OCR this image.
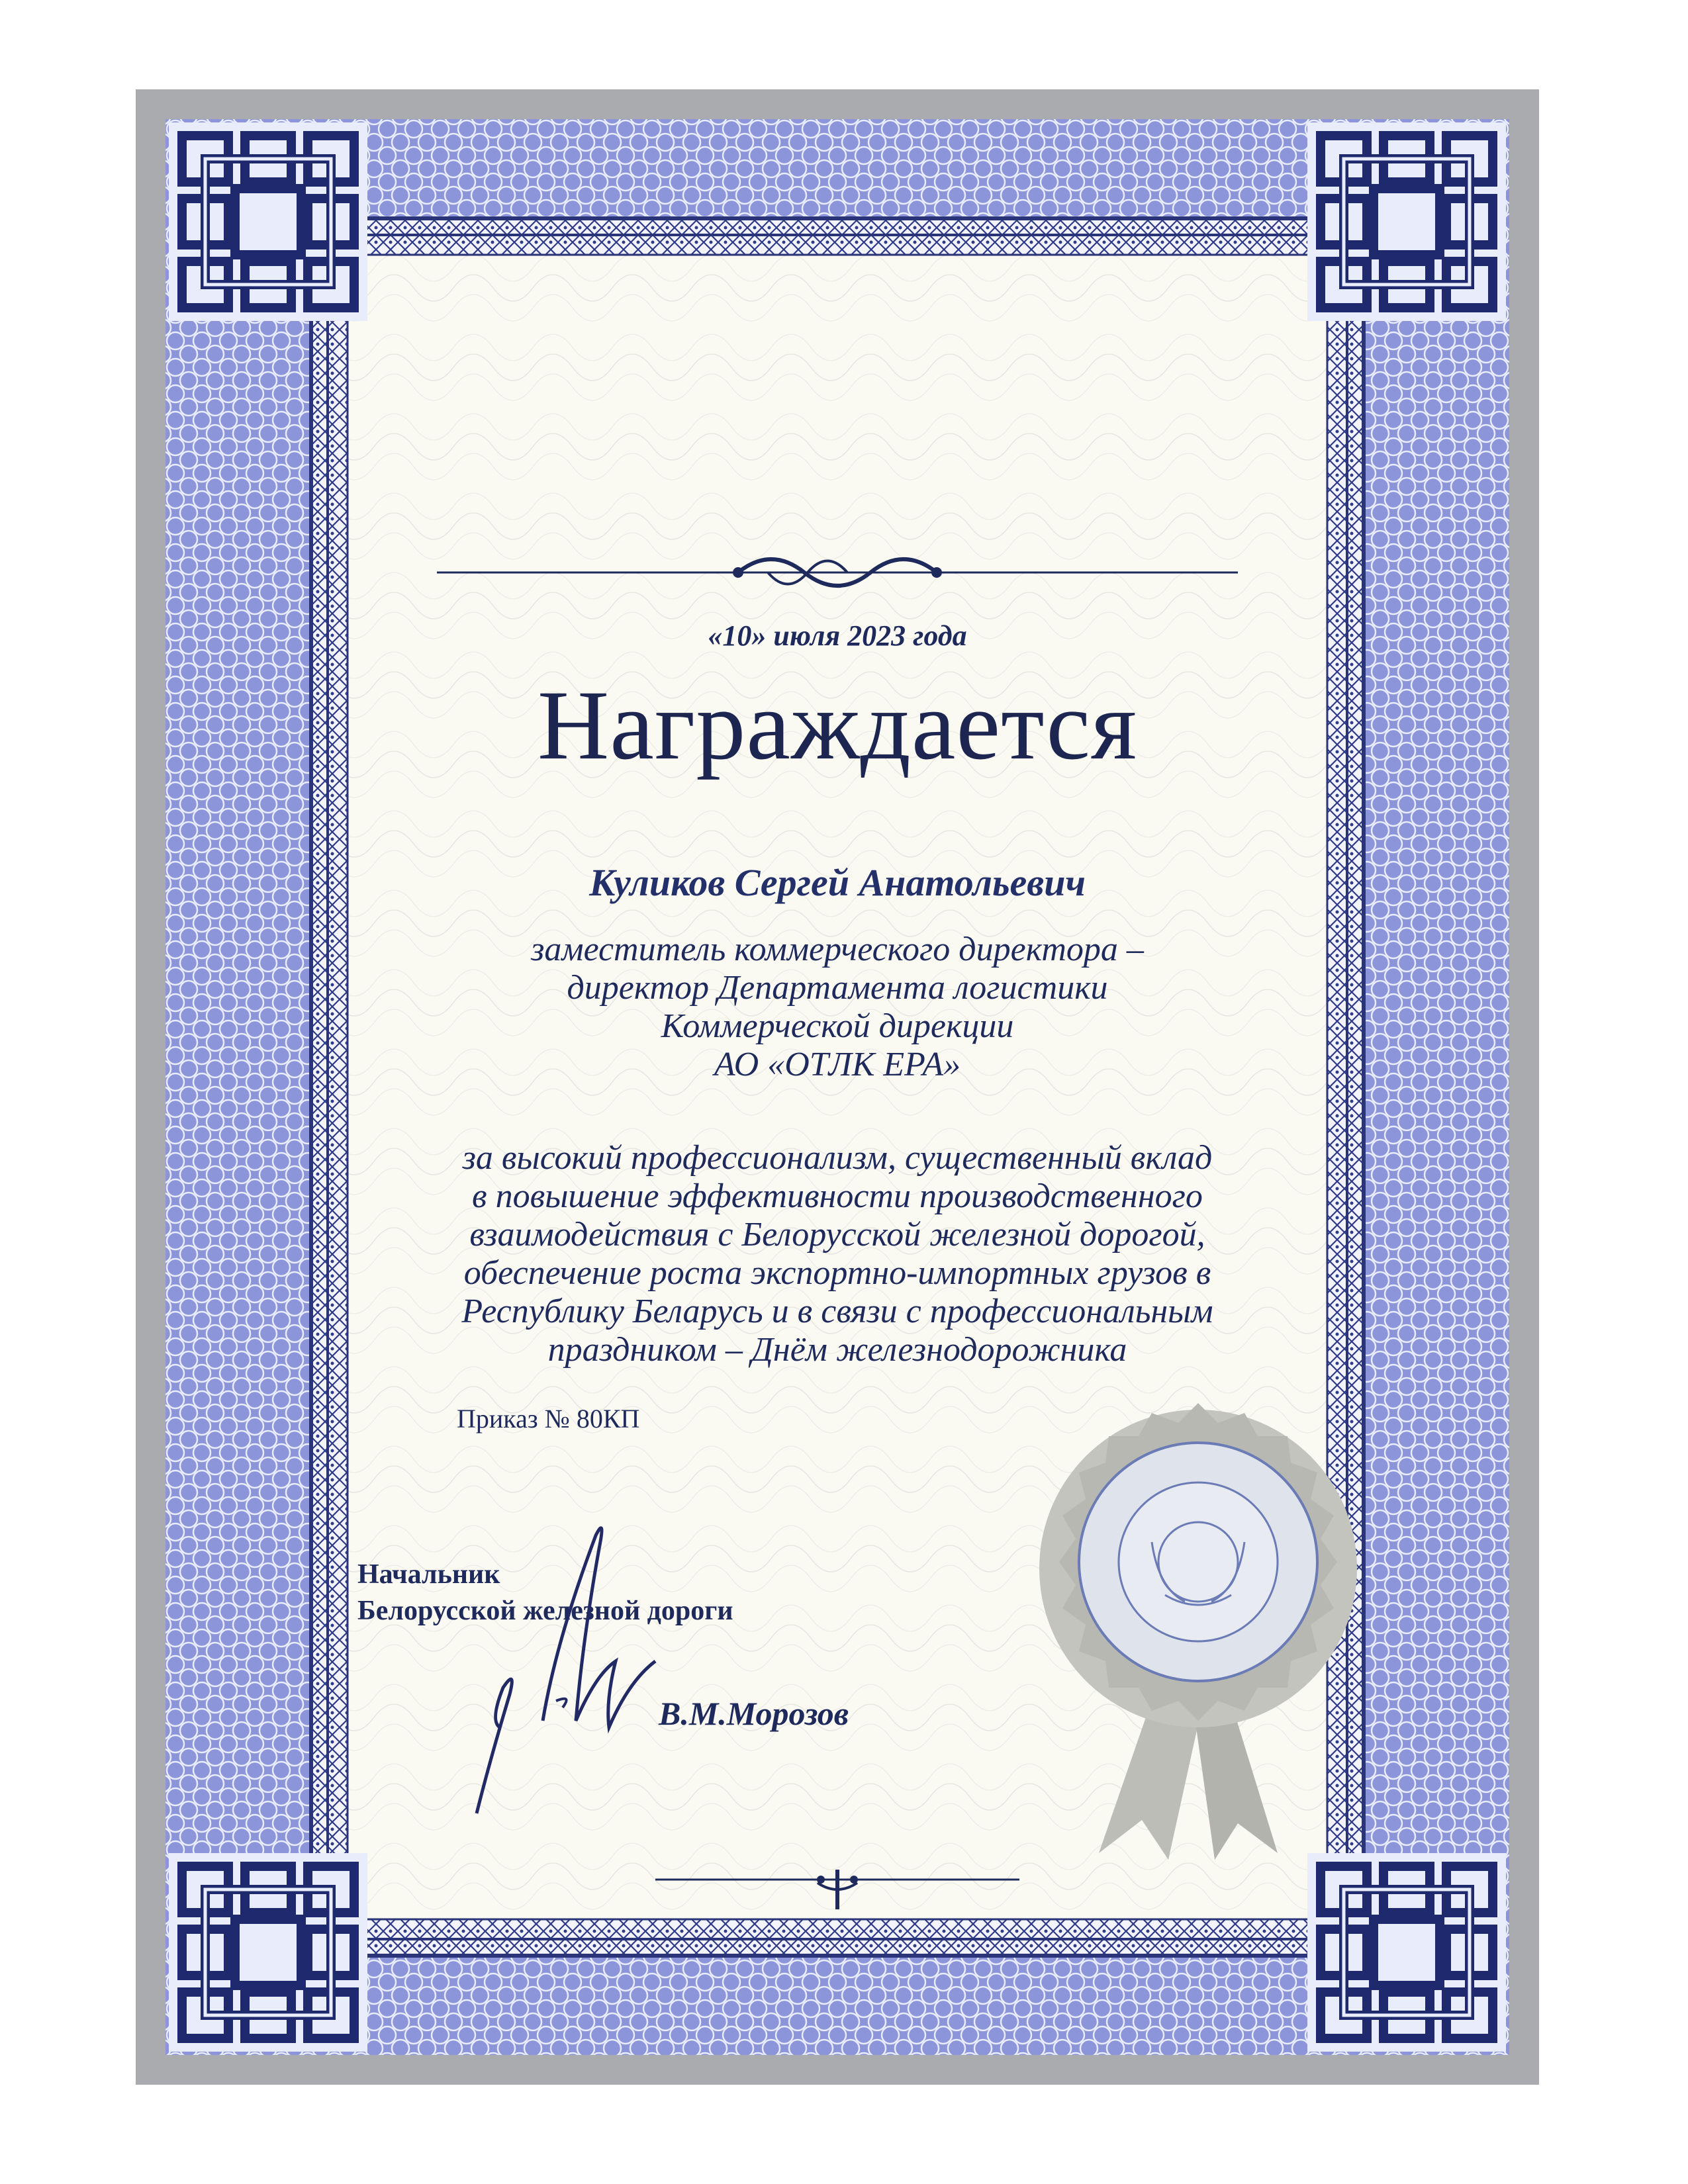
«10» июля 2023 года

Награждается

Куликов Сергей Анатольевич

заместитель коммерческого директора –

директор Департамента логистики

Коммерческой дирекции

АО «ОТЛК ЕРА»

за высокий профессионализм, существенный вклад

в повышение эффективности производственного

взаимодействия с Белорусской железной дорогой,

обеспечение роста экспортно-импортных грузов в

Республику Беларусь и в связи с профессиональным

праздником – Днём железнодорожника

Приказ № 80КП

Начальник

Белорусской железной дороги

В.М.Морозов
